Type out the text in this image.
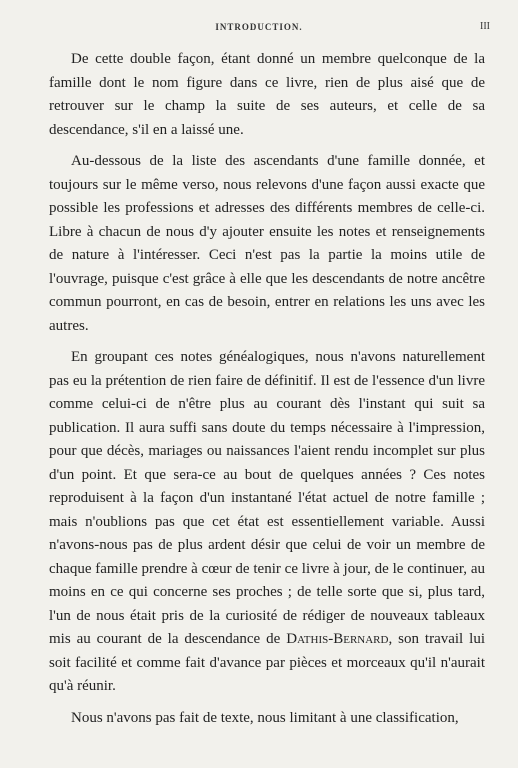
INTRODUCTION.	III

De cette double façon, étant donné un membre quelconque de la famille dont le nom figure dans ce livre, rien de plus aisé que de retrouver sur le champ la suite de ses auteurs, et celle de sa descendance, s'il en a laissé une.

Au-dessous de la liste des ascendants d'une famille donnée, et toujours sur le même verso, nous relevons d'une façon aussi exacte que possible les professions et adresses des différents membres de celle-ci. Libre à chacun de nous d'y ajouter ensuite les notes et renseignements de nature à l'intéresser. Ceci n'est pas la partie la moins utile de l'ouvrage, puisque c'est grâce à elle que les descendants de notre ancêtre commun pourront, en cas de besoin, entrer en relations les uns avec les autres.

En groupant ces notes généalogiques, nous n'avons naturellement pas eu la prétention de rien faire de définitif. Il est de l'essence d'un livre comme celui-ci de n'être plus au courant dès l'instant qui suit sa publication. Il aura suffi sans doute du temps nécessaire à l'impression, pour que décès, mariages ou naissances l'aient rendu incomplet sur plus d'un point. Et que sera-ce au bout de quelques années ? Ces notes reproduisent à la façon d'un instantané l'état actuel de notre famille ; mais n'oublions pas que cet état est essentiellement variable. Aussi n'avons-nous pas de plus ardent désir que celui de voir un membre de chaque famille prendre à cœur de tenir ce livre à jour, de le continuer, au moins en ce qui concerne ses proches ; de telle sorte que si, plus tard, l'un de nous était pris de la curiosité de rédiger de nouveaux tableaux mis au courant de la descendance de Dathis-Bernard, son travail lui soit facilité et comme fait d'avance par pièces et morceaux qu'il n'aurait qu'à réunir.

Nous n'avons pas fait de texte, nous limitant à une classification,
